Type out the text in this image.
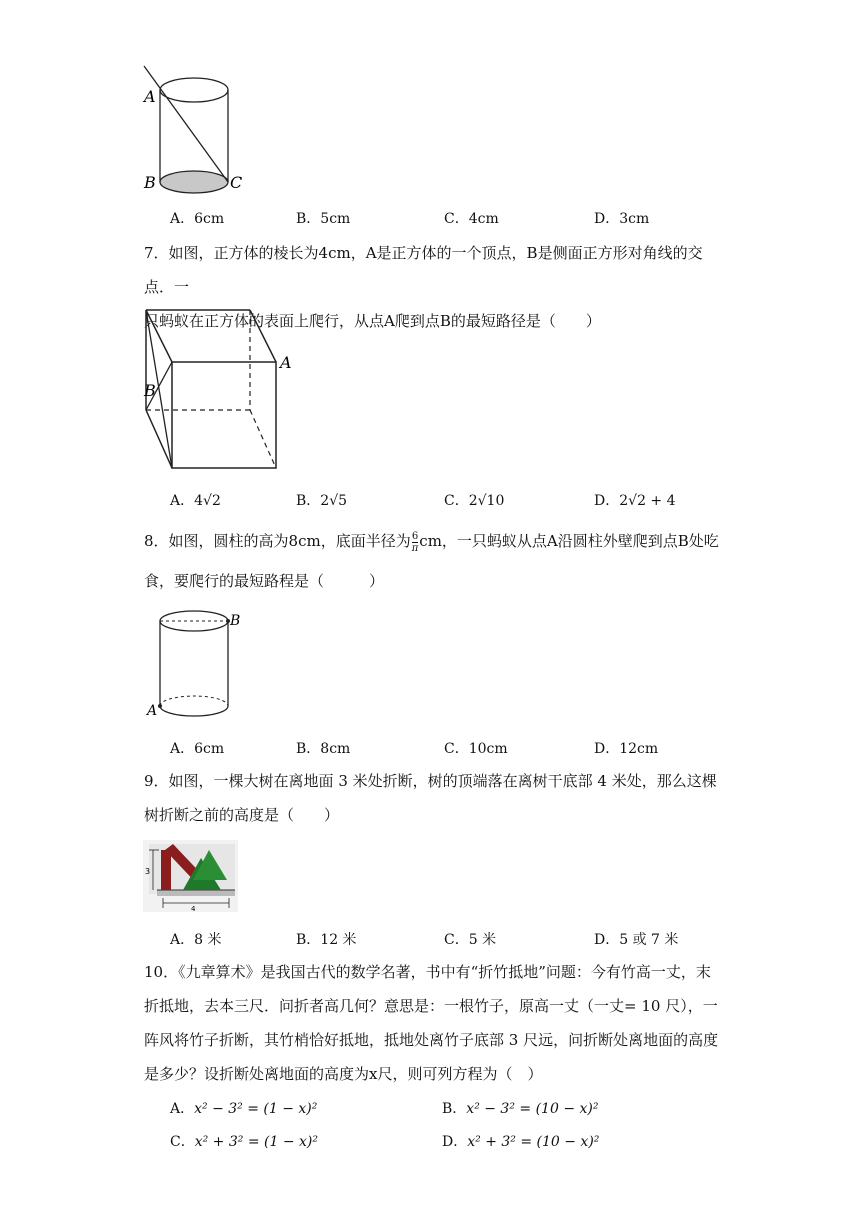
A
B	C
A．6cm	B．5cm	C．4cm	D．3cm
7．如图，正方体的棱长为4cm，A是正方体的一个顶点，B是侧面正方形对角线的交点．一
只蚂蚁在正方体的表面上爬行，从点A爬到点B的最短路径是（　　）
A
B
A．4√2	B．2√5	C．2√10	D．2√2 + 4
8．如图，圆柱的高为8cm，底面半径为 $\frac{6}{\pi}$ cm，一只蚂蚁从点A沿圆柱外壁爬到点B处吃
食，要爬行的最短路程是（　　　）
B
A
A．6cm	B．8cm	C．10cm	D．12cm
9．如图，一棵大树在离地面 3 米处折断，树的顶端落在离树干底部 4 米处，那么这棵
树折断之前的高度是（　　）
3
4
A．8 米	B．12 米	C．5 米	D．5 或 7 米
10．《九章算术》是我国古代的数学名著，书中有“折竹抵地”问题：今有竹高一丈，末
折抵地，去本三尺．问折者高几何？意思是：一根竹子，原高一丈（一丈= 10 尺），一
阵风将竹子折断，其竹梢恰好抵地，抵地处离竹子底部 3 尺远，问折断处离地面的高度
是多少？设折断处离地面的高度为x尺，则可列方程为（　）
A．x² − 3² = (1 − x)²	B．x² − 3² = (10 − x)²
C．x² + 3² = (1 − x)²	D．x² + 3² = (10 − x)²
